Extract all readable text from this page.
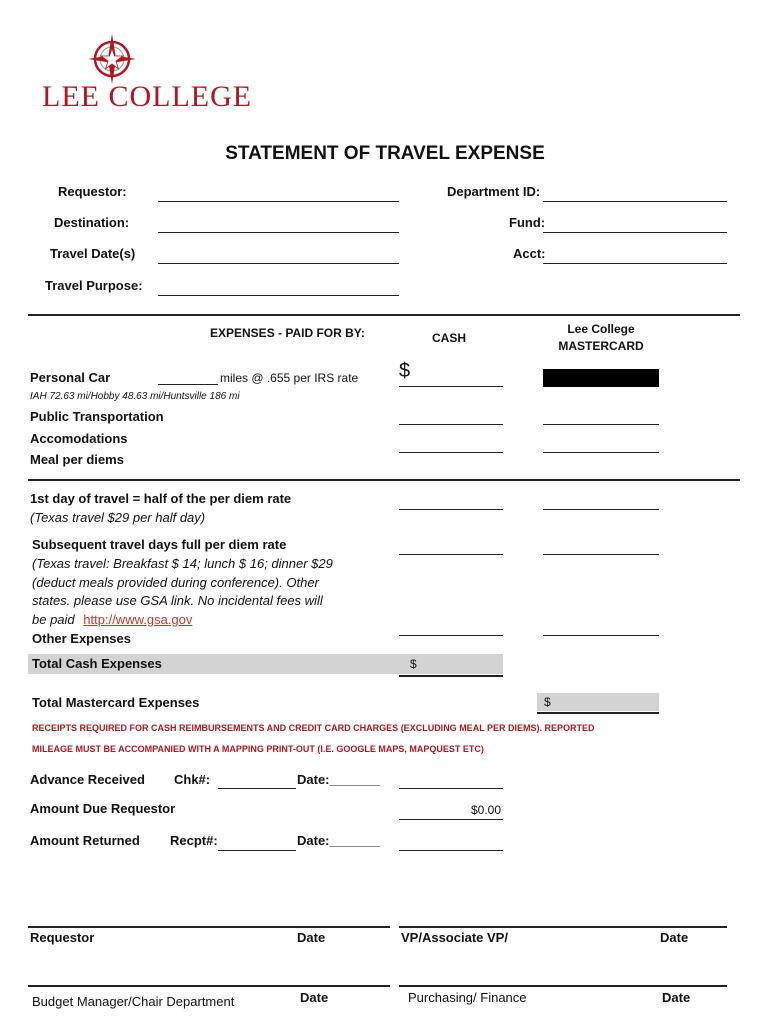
LEE COLLEGE
STATEMENT OF TRAVEL EXPENSE
Requestor:
Destination:
Travel Date(s)
Travel Purpose:
Department ID:
Fund:
Acct:
EXPENSES - PAID FOR BY:	CASH
Lee College
MASTERCARD
Personal Car	miles @ .655 per IRS rate $
IAH 72.63 mi/Hobby 48.63 mi/Huntsville 186 mi
Public Transportation
Accomodations
Meal per diems
1st day of travel = half of the per diem rate
(Texas travel $29 per half day)
Subsequent travel days full per diem rate
(Texas travel: Breakfast $ 14; lunch $ 16; dinner $29
(deduct meals provided during conference). Other
states. please use GSA link. No incidental fees will
be paid http://www.gsa.gov
Other Expenses
Total Cash Expenses	$
Total Mastercard Expenses	$
RECEIPTS REQUIRED FOR CASH REIMBURSEMENTS AND CREDIT CARD CHARGES (EXCLUDING MEAL PER DIEMS). REPORTED
MILEAGE MUST BE ACCOMPANIED WITH A MAPPING PRINT-OUT (I.E. GOOGLE MAPS, MAPQUEST ETC)
Advance Received Chk#:	Date:_______
Amount Due Requestor	$0.00
Amount Returned Recpt#:	Date:_______
Requestor	Date	VP/Associate VP/	Date
Budget Manager/Chair Department	Date	Purchasing/ Finance	Date
